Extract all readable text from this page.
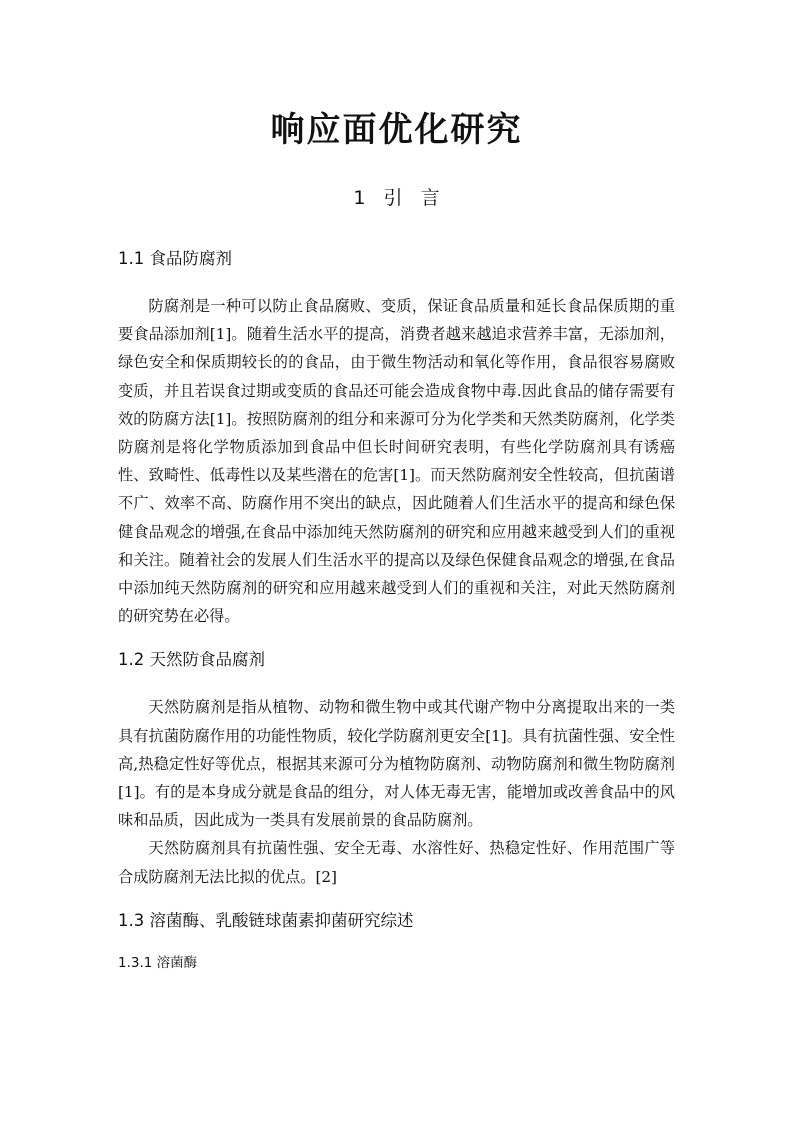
响应面优化研究
1 引 言
1.1 食品防腐剂

防腐剂是一种可以防止食品腐败、变质，保证食品质量和延长食品保质期的重要食品添加剂[1]。随着生活水平的提高，消费者越来越追求营养丰富，无添加剂，绿色安全和保质期较长的的食品，由于微生物活动和氧化等作用，食品很容易腐败变质，并且若误食过期或变质的食品还可能会造成食物中毒.因此食品的储存需要有效的防腐方法[1]。按照防腐剂的组分和来源可分为化学类和天然类防腐剂，化学类防腐剂是将化学物质添加到食品中但长时间研究表明，有些化学防腐剂具有诱癌性、致畸性、低毒性以及某些潜在的危害[1]。而天然防腐剂安全性较高，但抗菌谱不广、效率不高、防腐作用不突出的缺点，因此随着人们生活水平的提高和绿色保健食品观念的增强,在食品中添加纯天然防腐剂的研究和应用越来越受到人们的重视和关注。随着社会的发展人们生活水平的提高以及绿色保健食品观念的增强,在食品中添加纯天然防腐剂的研究和应用越来越受到人们的重视和关注，对此天然防腐剂的研究势在必得。

1.2 天然防食品腐剂

天然防腐剂是指从植物、动物和微生物中或其代谢产物中分离提取出来的一类具有抗菌防腐作用的功能性物质，较化学防腐剂更安全[1]。具有抗菌性强、安全性高,热稳定性好等优点，根据其来源可分为植物防腐剂、动物防腐剂和微生物防腐剂[1]。有的是本身成分就是食品的组分，对人体无毒无害，能增加或改善食品中的风味和品质，因此成为一类具有发展前景的食品防腐剂。

天然防腐剂具有抗菌性强、安全无毒、水溶性好、热稳定性好、作用范围广等合成防腐剂无法比拟的优点。[2]

1.3 溶菌酶、乳酸链球菌素抑菌研究综述
1.3.1 溶菌酶
